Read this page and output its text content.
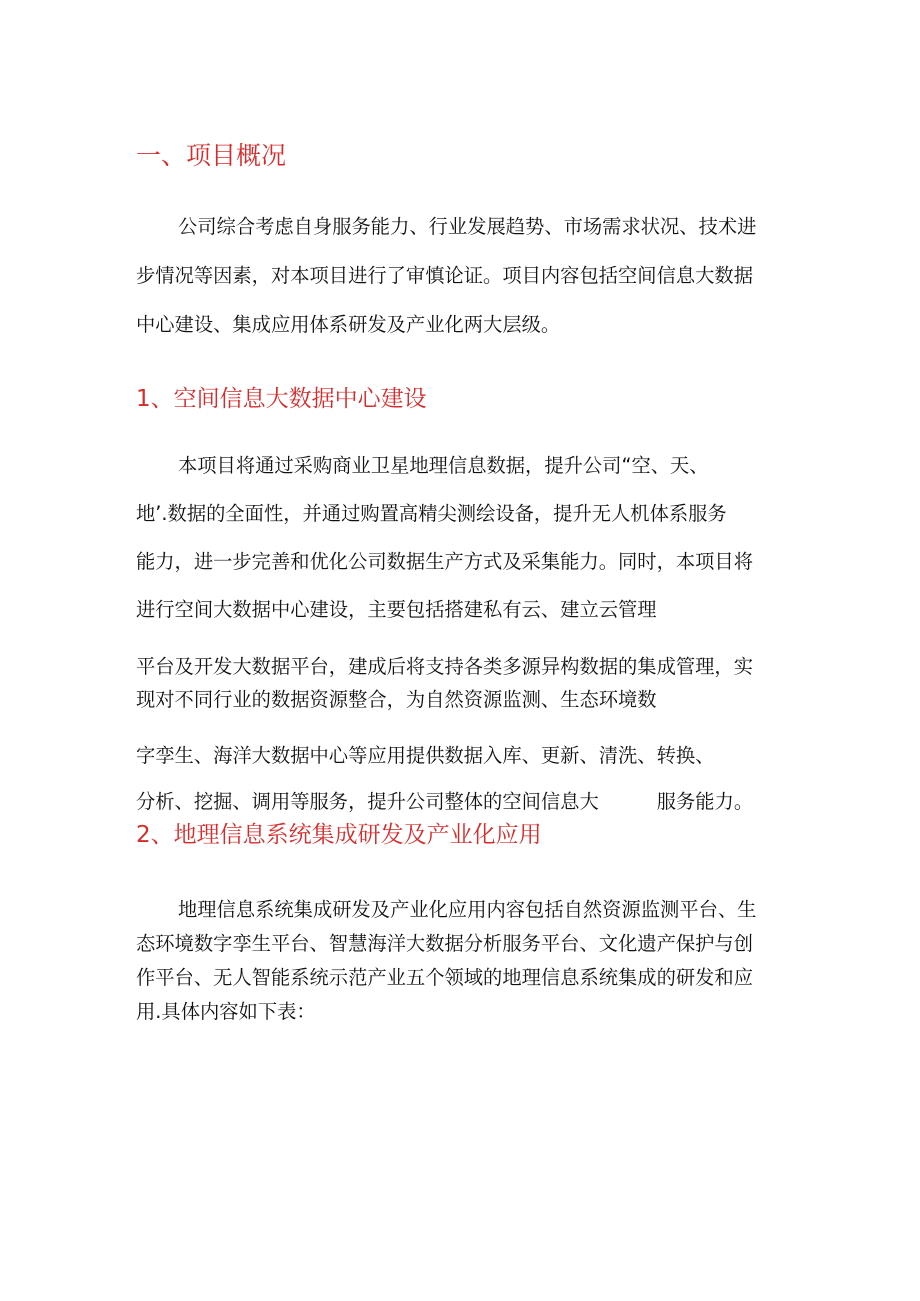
一、项目概况

公司综合考虑自身服务能力、行业发展趋势、市场需求状况、技术进

步情况等因素，对本项目进行了审慎论证。项目内容包括空间信息大数据

中心建设、集成应用体系研发及产业化两大层级。

1、空间信息大数据中心建设

本项目将通过采购商业卫星地理信息数据，提升公司“空、天、

地’.数据的全面性，并通过购置高精尖测绘设备，提升无人机体系服务

能力，进一步完善和优化公司数据生产方式及采集能力。同时，本项目将

进行空间大数据中心建设，主要包括搭建私有云、建立云管理

平台及开发大数据平台，建成后将支持各类多源异构数据的集成管理，实

现对不同行业的数据资源整合，为自然资源监测、生态环境数

字孪生、海洋大数据中心等应用提供数据入库、更新、清洗、转换、

分析、挖掘、调用等服务，提升公司整体的空间信息大	服务能力。

2、地理信息系统集成研发及产业化应用

地理信息系统集成研发及产业化应用内容包括自然资源监测平台、生

态环境数字孪生平台、智慧海洋大数据分析服务平台、文化遗产保护与创

作平台、无人智能系统示范产业五个领域的地理信息系统集成的研发和应

用.具体内容如下表：
